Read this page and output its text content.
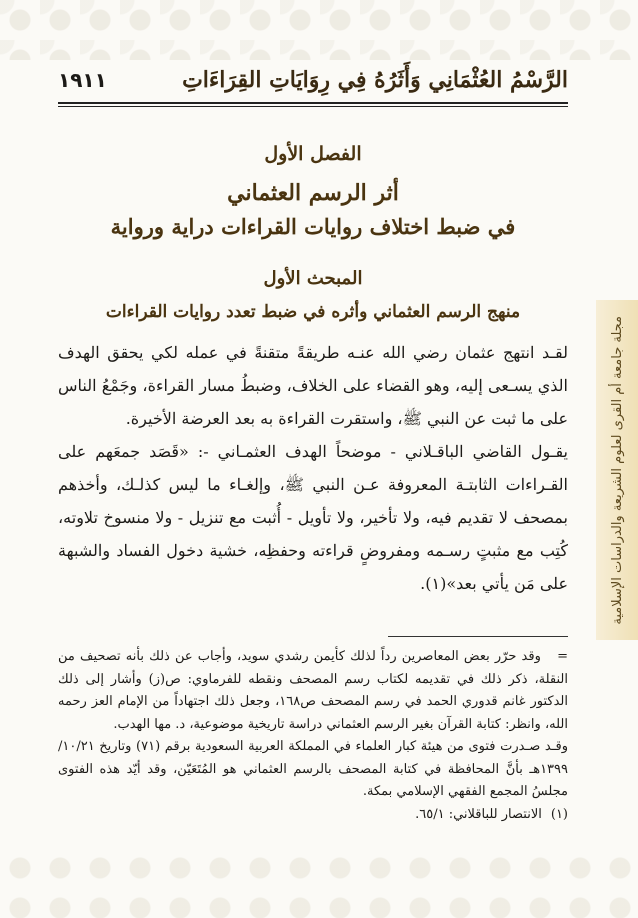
١٩١١	الرَّسْمُ العُثْمَانِي وَأَثَرُهُ فِي رِوَايَاتِ القِرَاءَاتِ
مجلة جامعة أم القرى لعلوم الشريعة والدراسات الإسلامية

الفصل الأول

أثر الرسم العثماني

في ضبط اختلاف روايات القراءات دراية ورواية

المبحث الأول

منهج الرسم العثماني وأثره في ضبط تعدد روايات القراءات

لقـد انتهج عثمان رضي الله عنـه طريقةً متقنةً في عمله لكي يحقق الهدف الذي يسـعى إليه، وهو القضاء على الخلاف، وضبطُ مسار القراءة، وجَمْعُ الناس على ما ثبت عن النبي ﷺ، واستقرت القراءة به بعد العرضة الأخيرة.

يقـول القاضي الباقـلاني - موضحاً الهدف العثمـاني -: «قَصَد جمعَهم على القـراءات الثابتـة المعروفة عـن النبي ﷺ، وإلغـاء ما ليس كذلـك، وأخذهم بمصحف لا تقديم فيه، ولا تأخير، ولا تأويل - أُثبت مع تنزيل - ولا منسوخ تلاوته، كُتِب مع مثبتٍ رسـمه ومفروضٍ قراءته وحفظِه، خشية دخول الفساد والشبهة على مَن يأتي بعد»(١).

= وقد حرّر بعض المعاصرين رداً لذلك كأيمن رشدي سويد، وأجاب عن ذلك بأنه تصحيف من النقلة، ذكر ذلك في تقديمه لكتاب رسم المصحف ونقطه للفرماوي: ص(ز) وأشار إلى ذلك الدكتور غانم قدوري الحمد في رسم المصحف ص١٦٨، وجعل ذلك اجتهاداً من الإمام العز رحمه الله، وانظر: كتابة القرآن بغير الرسم العثماني دراسة تاريخية موضوعية، د. مها الهدب.

وقـد صـدرت فتوى من هيئة كبار العلماء في المملكة العربية السعودية برقم (٧١) وتاريخ ١٠/٢١/ ١٣٩٩هـ بأنَّ المحافظة في كتابة المصحف بالرسم العثماني هو المُتَعَيّن، وقد أيّد هذه الفتوى مجلسُ المجمع الفقهي الإسلامي بمكة.

(١) الانتصار للباقلاني: ٦٥/١.
